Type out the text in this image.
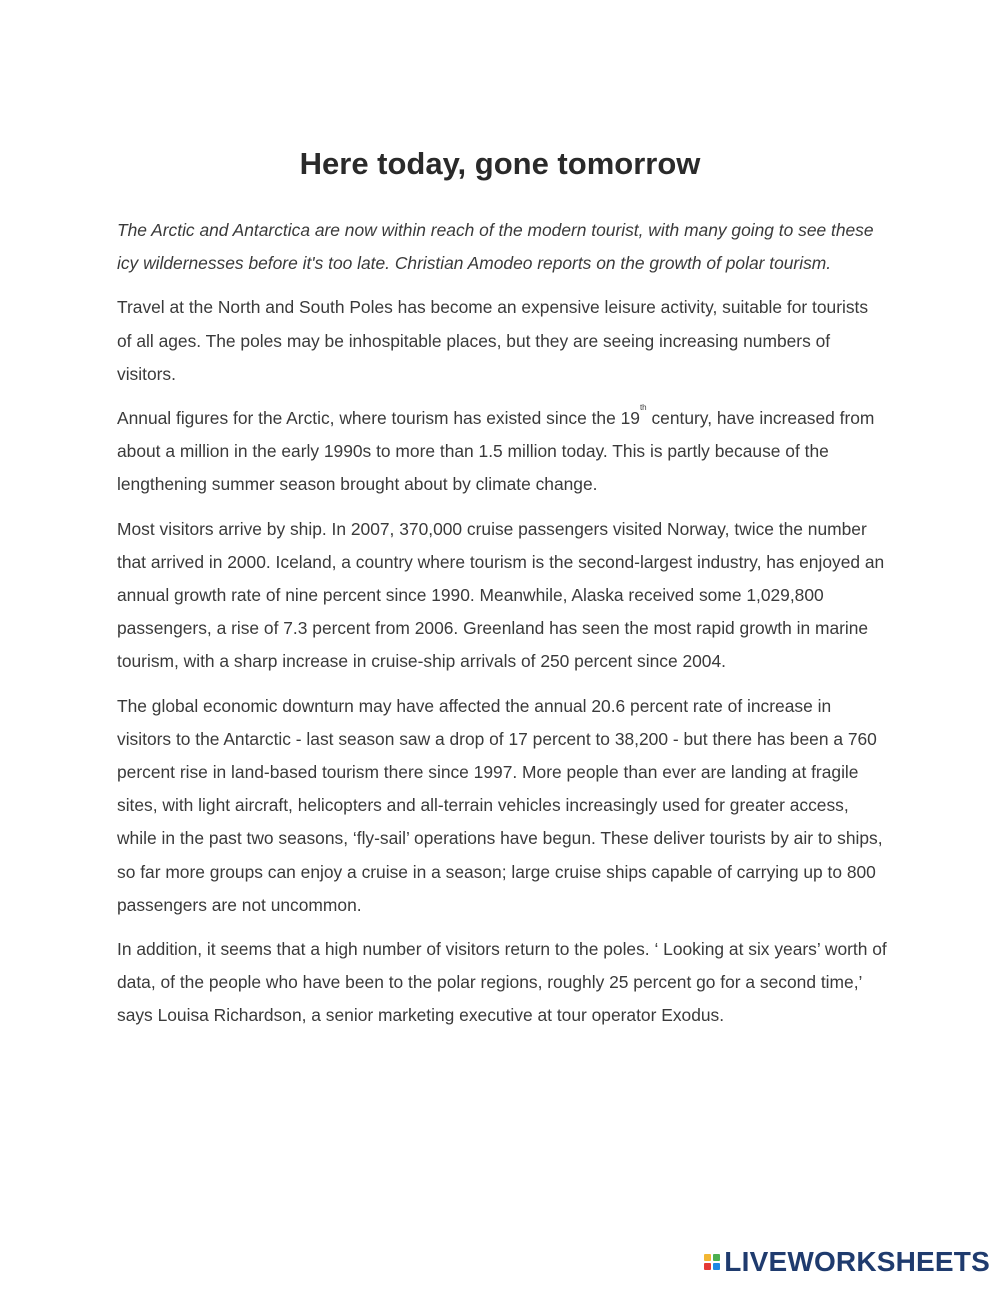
Here today, gone tomorrow

The Arctic and Antarctica are now within reach of the modern tourist, with many going to see these icy wildernesses before it's too late. Christian Amodeo reports on the growth of polar tourism.

Travel at the North and South Poles has become an expensive leisure activity, suitable for tourists of all ages. The poles may be inhospitable places, but they are seeing increasing numbers of visitors.

Annual figures for the Arctic, where tourism has existed since the 19th century, have increased from about a million in the early 1990s to more than 1.5 million today. This is partly because of the lengthening summer season brought about by climate change.

Most visitors arrive by ship. In 2007, 370,000 cruise passengers visited Norway, twice the number that arrived in 2000. Iceland, a country where tourism is the second-largest industry, has enjoyed an annual growth rate of nine percent since 1990. Meanwhile, Alaska received some 1,029,800 passengers, a rise of 7.3 percent from 2006. Greenland has seen the most rapid growth in marine tourism, with a sharp increase in cruise-ship arrivals of 250 percent since 2004.

The global economic downturn may have affected the annual 20.6 percent rate of increase in visitors to the Antarctic - last season saw a drop of 17 percent to 38,200 - but there has been a 760 percent rise in land-based tourism there since 1997. More people than ever are landing at fragile sites, with light aircraft, helicopters and all-terrain vehicles increasingly used for greater access, while in the past two seasons, ‘fly-sail’ operations have begun. These deliver tourists by air to ships, so far more groups can enjoy a cruise in a season; large cruise ships capable of carrying up to 800 passengers are not uncommon.

In addition, it seems that a high number of visitors return to the poles. ‘ Looking at six years’ worth of data, of the people who have been to the polar regions, roughly 25 percent go for a second time,’ says Louisa Richardson, a senior marketing executive at tour operator Exodus.

LIVEWORKSHEETS
